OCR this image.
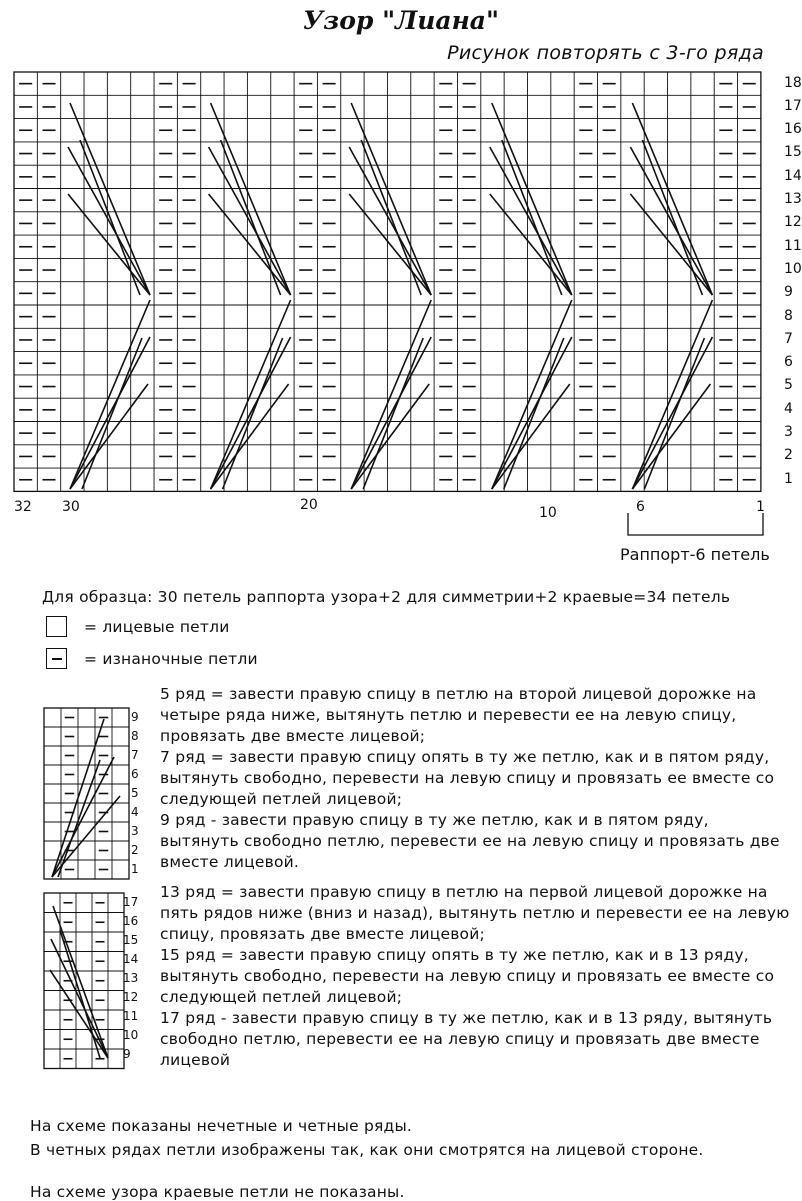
Узор "Лиана"
Рисунок повторять с 3-го ряда
18
17
16
15
14
13
12
11
10
9
8
7
6
5
4
3
2
1
32 30	20	10	6	1
Раппорт-6 петель
Для образца: 30 петель раппорта узора+2 для симметрии+2 краевые=34 петель
= лицевые петли
= изнаночные петли
9
8
7
6
5
4
3
2
1
5 ряд = завести правую спицу в петлю на второй лицевой дорожке на
четыре ряда ниже, вытянуть петлю и перевести ее на левую спицу,
провязать две вместе лицевой;
7 ряд = завести правую спицу опять в ту же петлю, как и в пятом ряду,
вытянуть свободно, перевести на левую спицу и провязать ее вместе со
следующей петлей лицевой;
9 ряд - завести правую спицу в ту же петлю, как и в пятом ряду,
вытянуть свободно петлю, перевести ее на левую спицу и провязать две
вместе лицевой.
17
16
15
14
13
12
11
10
9
13 ряд = завести правую спицу в петлю на первой лицевой дорожке на
пять рядов ниже (вниз и назад), вытянуть петлю и перевести ее на левую
спицу, провязать две вместе лицевой;
15 ряд = завести правую спицу опять в ту же петлю, как и в 13 ряду,
вытянуть свободно, перевести на левую спицу и провязать ее вместе со
следующей петлей лицевой;
17 ряд - завести правую спицу в ту же петлю, как и в 13 ряду, вытянуть
свободно петлю, перевести ее на левую спицу и провязать две вместе
лицевой
На схеме показаны нечетные и четные ряды.
В четных рядах петли изображены так, как они смотрятся на лицевой стороне.
На схеме узора краевые петли не показаны.
